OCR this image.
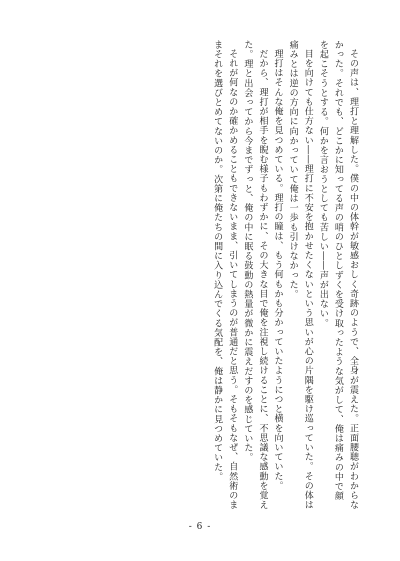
その声は、理打と理解した。僕の中の体幹が敏感おしく奇跡のようで、全身が震えた。正面腰聴がわからなかった。それでも、どこかに知ってる声の哨のひとしずくを受け取ったような気がして、俺は痛みの中で顔を起こそうとする。何かを言おうとしても苦しい――声が出ない。

目を向けても仕方ない――理打に不安を抱かせたくないという思いが心の片隅を駆け巡っていた。その体は痛みとは逆の方向に向かっていて俺は一歩も引けなかった。

理打はそんな俺を見つめている。理打の瞳は、もう何もかも分かっていたようにつと横を向いていた。

だから、理打が相手を睨む様子もわずかに、その大きな目で俺を注視し続けることに、不思議な感動を覚えた。理と出会ってから今までずっと、俺の中に眠る鼓動の熱量が微かに震えだすのを感じていた。

それが何なのか確かめることもできないまま、引いてしまうのが普通だと思う。そもそもなぜ、自然術のままそれを選びとめてないのか。次第に俺たちの間に入り込んでくる気配を、俺は静かに見つめていた。

- 6 -
